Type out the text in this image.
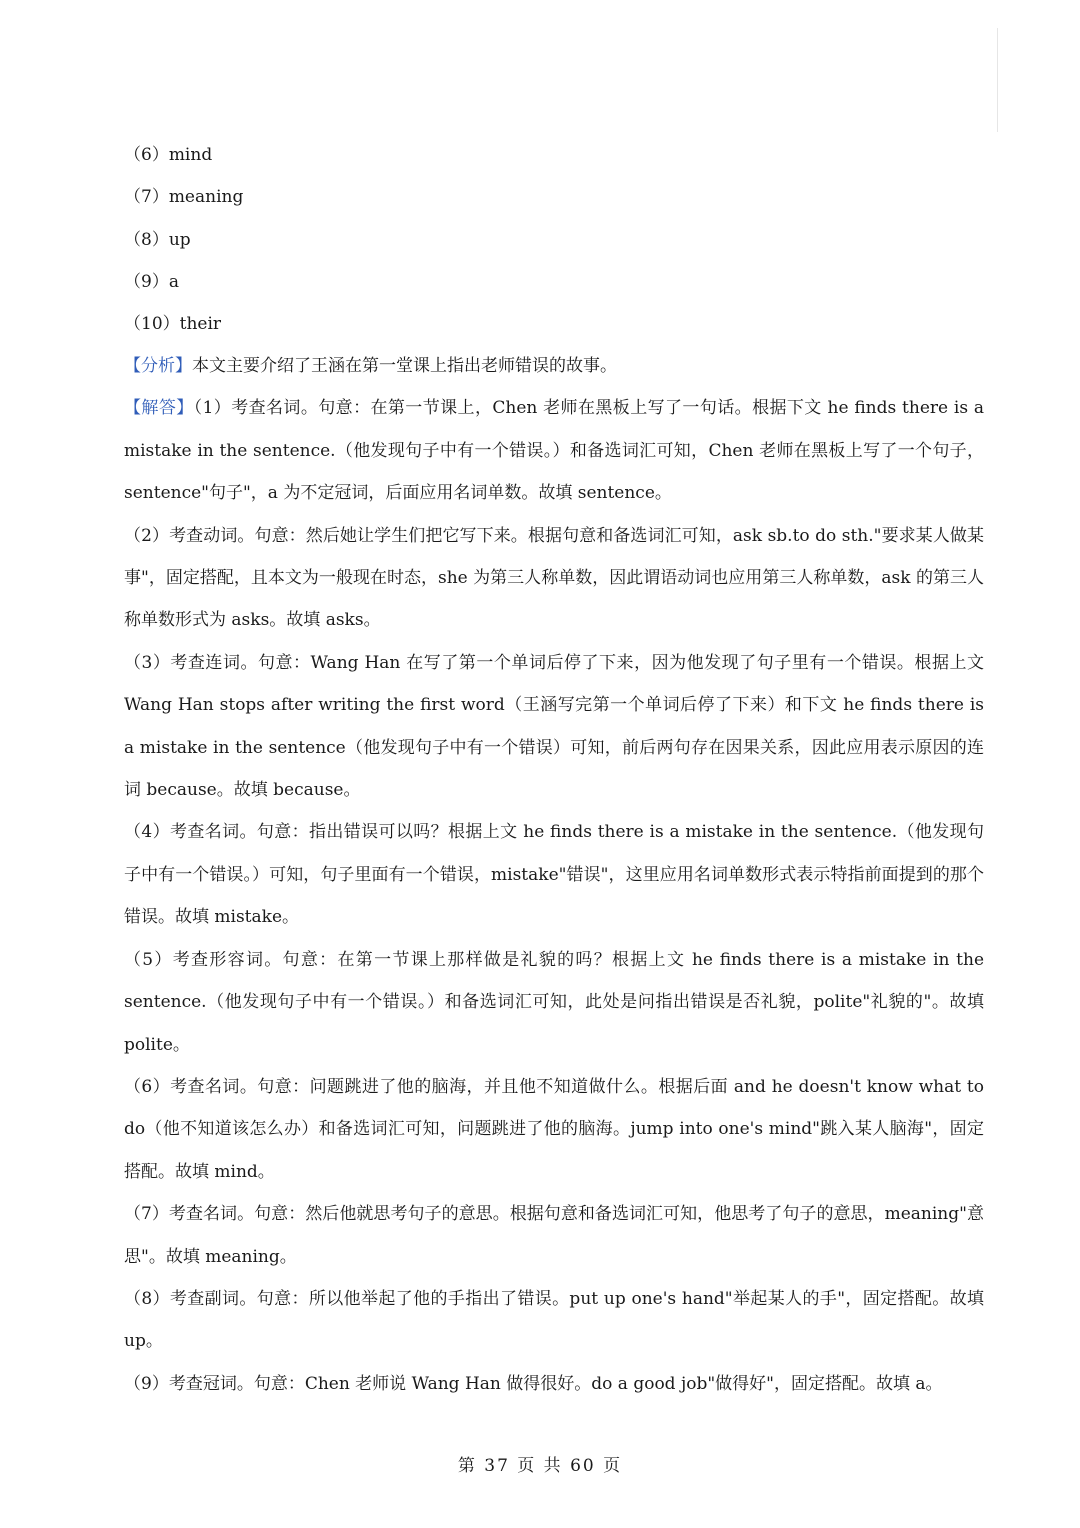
（6）mind
（7）meaning
（8）up
（9）a
（10）their

【分析】本文主要介绍了王涵在第一堂课上指出老师错误的故事。

【解答】（1）考查名词。句意：在第一节课上，Chen 老师在黑板上写了一句话。根据下文 he finds there is a mistake in the sentence.（他发现句子中有一个错误。）和备选词汇可知，Chen 老师在黑板上写了一个句子，sentence"句子"，a 为不定冠词，后面应用名词单数。故填 sentence。

（2）考查动词。句意：然后她让学生们把它写下来。根据句意和备选词汇可知，ask sb.to do sth."要求某人做某事"，固定搭配，且本文为一般现在时态，she 为第三人称单数，因此谓语动词也应用第三人称单数，ask 的第三人称单数形式为 asks。故填 asks。

（3）考查连词。句意：Wang Han 在写了第一个单词后停了下来，因为他发现了句子里有一个错误。根据上文 Wang Han stops after writing the first word（王涵写完第一个单词后停了下来）和下文 he finds there is a mistake in the sentence（他发现句子中有一个错误）可知，前后两句存在因果关系，因此应用表示原因的连词 because。故填 because。

（4）考查名词。句意：指出错误可以吗？根据上文 he finds there is a mistake in the sentence.（他发现句子中有一个错误。）可知，句子里面有一个错误，mistake"错误"，这里应用名词单数形式表示特指前面提到的那个错误。故填 mistake。

（5）考查形容词。句意：在第一节课上那样做是礼貌的吗？根据上文 he finds there is a mistake in the sentence.（他发现句子中有一个错误。）和备选词汇可知，此处是问指出错误是否礼貌，polite"礼貌的"。故填 polite。

（6）考查名词。句意：问题跳进了他的脑海，并且他不知道做什么。根据后面 and he doesn't know what to do（他不知道该怎么办）和备选词汇可知，问题跳进了他的脑海。jump into one's mind"跳入某人脑海"，固定搭配。故填 mind。

（7）考查名词。句意：然后他就思考句子的意思。根据句意和备选词汇可知，他思考了句子的意思，meaning"意思"。故填 meaning。

（8）考查副词。句意：所以他举起了他的手指出了错误。put up one's hand"举起某人的手"，固定搭配。故填 up。

（9）考查冠词。句意：Chen 老师说 Wang Han 做得很好。do a good job"做得好"，固定搭配。故填 a。

第 37 页 共 60 页
